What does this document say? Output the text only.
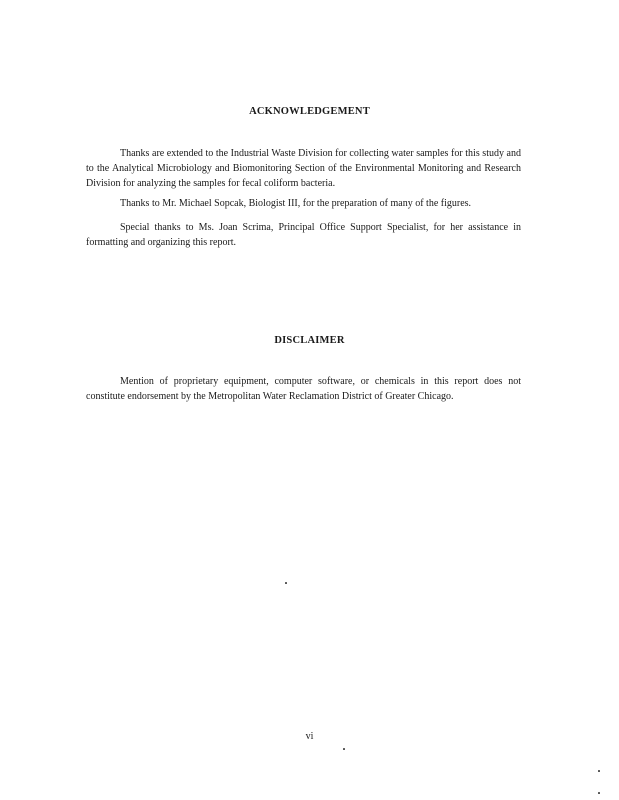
ACKNOWLEDGEMENT

Thanks are extended to the Industrial Waste Division for collecting water samples for this study and to the Analytical Microbiology and Biomonitoring Section of the Environmental Monitoring and Research Division for analyzing the samples for fecal coliform bacteria.

Thanks to Mr. Michael Sopcak, Biologist III, for the preparation of many of the figures.

Special thanks to Ms. Joan Scrima, Principal Office Support Specialist, for her assistance in formatting and organizing this report.

DISCLAIMER

Mention of proprietary equipment, computer software, or chemicals in this report does not constitute endorsement by the Metropolitan Water Reclamation District of Greater Chicago.

vi
